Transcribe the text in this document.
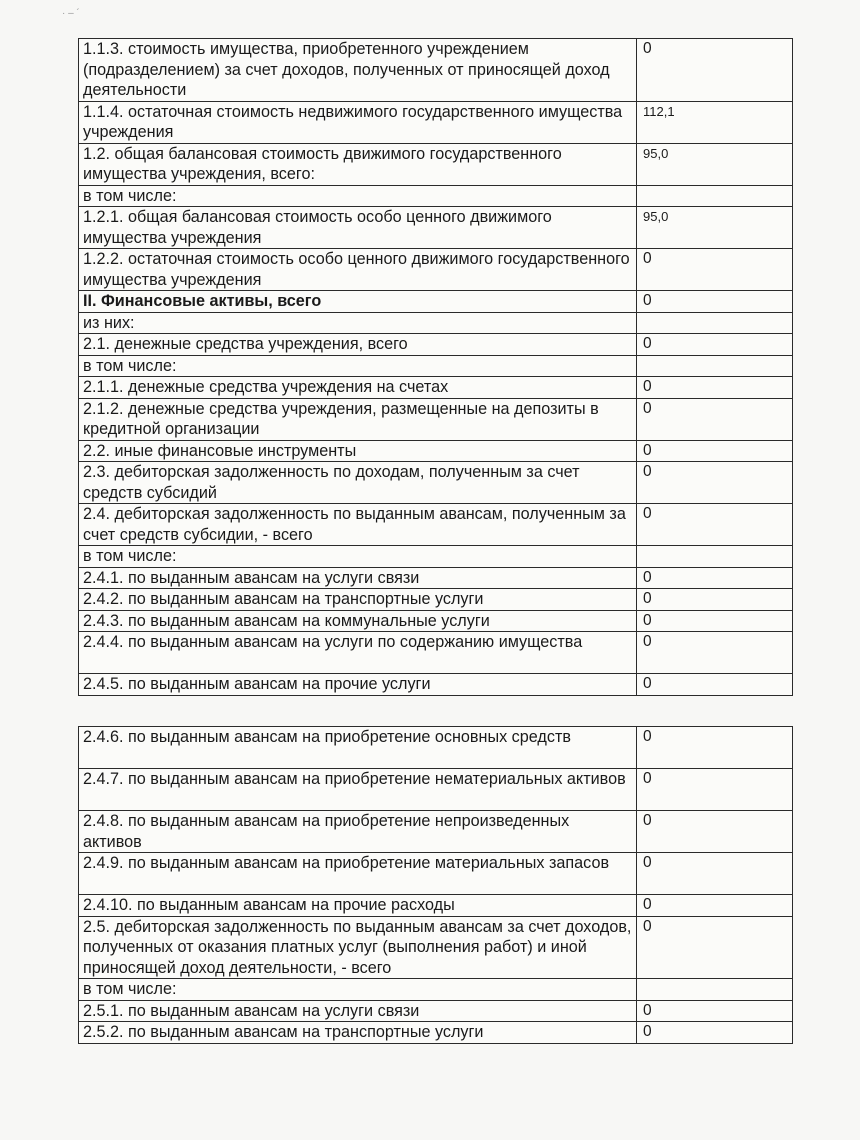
· – ´
1.1.3. стоимость имущества, приобретенного учреждением (подразделением) за счет доходов, полученных от приносящей доход деятельности	0
1.1.4. остаточная стоимость недвижимого государственного имущества учреждения	112,1
1.2. общая балансовая стоимость движимого государственного имущества учреждения, всего:	95,0
в том числе:	
1.2.1. общая балансовая стоимость особо ценного движимого имущества учреждения	95,0
1.2.2. остаточная стоимость особо ценного движимого государственного имущества учреждения	0
II. Финансовые активы, всего	0
из них:	
2.1. денежные средства учреждения, всего	0
в том числе:	
2.1.1. денежные средства учреждения на счетах	0
2.1.2. денежные средства учреждения, размещенные на депозиты в кредитной организации	0
2.2. иные финансовые инструменты	0
2.3. дебиторская задолженность по доходам, полученным за счет средств субсидий	0
2.4. дебиторская задолженность по выданным авансам, полученным за счет средств субсидии, - всего	0
в том числе:	
2.4.1. по выданным авансам на услуги связи	0
2.4.2. по выданным авансам на транспортные услуги	0
2.4.3. по выданным авансам на коммунальные услуги	0
2.4.4. по выданным авансам на услуги по содержанию имущества	0
2.4.5. по выданным авансам на прочие услуги	0
2.4.6. по выданным авансам на приобретение основных средств	0
2.4.7. по выданным авансам на приобретение нематериальных активов	0
2.4.8. по выданным авансам на приобретение непроизведенных активов	0
2.4.9. по выданным авансам на приобретение материальных запасов	0
2.4.10. по выданным авансам на прочие расходы	0
2.5. дебиторская задолженность по выданным авансам за счет доходов, полученных от оказания платных услуг (выполнения работ) и иной приносящей доход деятельности, - всего	0
в том числе:	
2.5.1. по выданным авансам на услуги связи	0
2.5.2. по выданным авансам на транспортные услуги	0
